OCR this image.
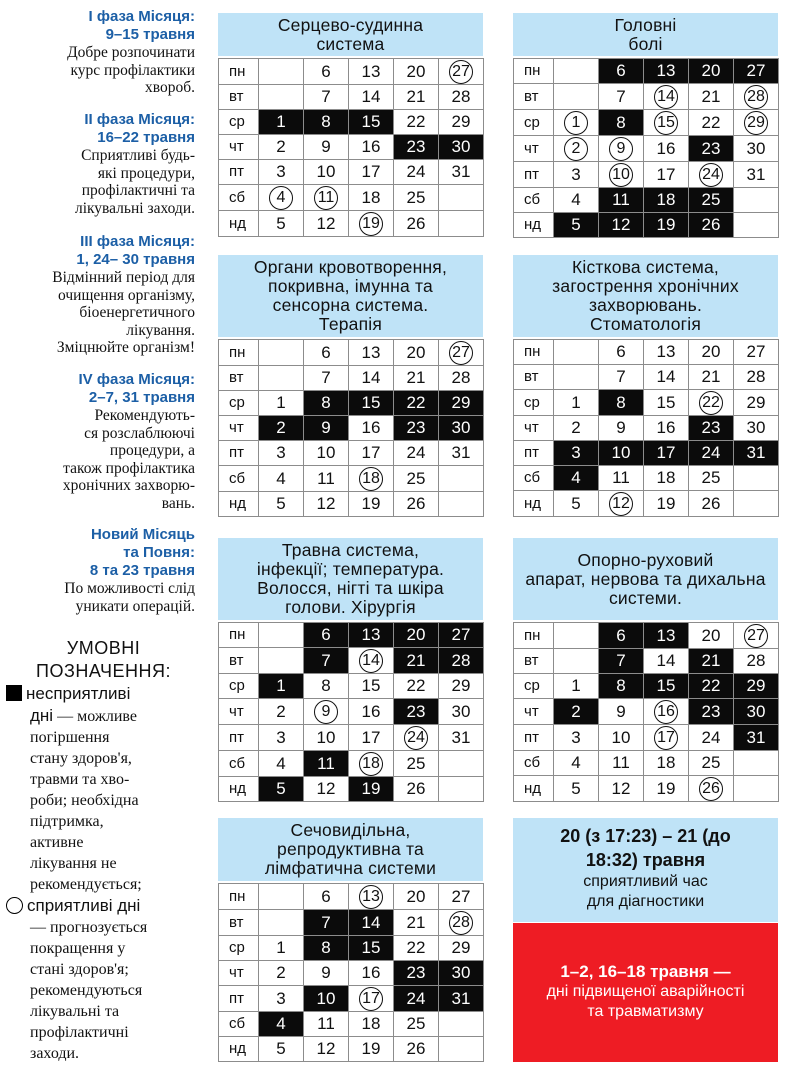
І фаза Місяця:
9–15 травня
Добре розпочинати
курс профілактики
хвороб.
ІІ фаза Місяця:
16–22 травня
Сприятливі будь-
які процедури,
профілактичні та
лікувальні заходи.
ІІІ фаза Місяця:
1, 24– 30 травня
Відмінний період для
очищення організму,
біоенергетичного
лікування.
Зміцнюйте організм!
IV фаза Місяця:
2–7, 31 травня
Рекомендують-
ся розслаблюючі
процедури, а
також профілактика
хронічних захворю-
вань.
Новий Місяць
та Повня:
8 та 23 травня
По можливості слід
уникати операцій.
УМОВНІ
ПОЗНАЧЕННЯ:
несприятливі
дні — можливе
погіршення
стану здоров'я,
травми та хво-
роби; необхідна
підтримка,
активне
лікування не
рекомендується;
сприятливі дні
— прогнозується
покращення у
стані здоров'я;
рекомендуються
лікувальні та
профілактичні
заходи.
Серцево-судинна
система
пн		6	13	20	27
вт		7	14	21	28
ср	1	8	15	22	29
чт	2	9	16	23	30
пт	3	10	17	24	31
сб	4	11	18	25	
нд	5	12	19	26	
Головні
болі
пн		6	13	20	27
вт		7	14	21	28
ср	1	8	15	22	29
чт	2	9	16	23	30
пт	3	10	17	24	31
сб	4	11	18	25	
нд	5	12	19	26	
Органи кровотворення,
покривна, імунна та
сенсорна система.
Терапія
пн		6	13	20	27
вт		7	14	21	28
ср	1	8	15	22	29
чт	2	9	16	23	30
пт	3	10	17	24	31
сб	4	11	18	25	
нд	5	12	19	26	
Кісткова система,
загострення хронічних
захворювань.
Стоматологія
пн		6	13	20	27
вт		7	14	21	28
ср	1	8	15	22	29
чт	2	9	16	23	30
пт	3	10	17	24	31
сб	4	11	18	25	
нд	5	12	19	26	
Травна система,
інфекції; температура.
Волосся, нігті та шкіра
голови. Хірургія
пн		6	13	20	27
вт		7	14	21	28
ср	1	8	15	22	29
чт	2	9	16	23	30
пт	3	10	17	24	31
сб	4	11	18	25	
нд	5	12	19	26	
Опорно-руховий
апарат, нервова та дихальна
системи.
пн		6	13	20	27
вт		7	14	21	28
ср	1	8	15	22	29
чт	2	9	16	23	30
пт	3	10	17	24	31
сб	4	11	18	25	
нд	5	12	19	26	
Сечовидільна,
репродуктивна та
лімфатична системи
пн		6	13	20	27
вт		7	14	21	28
ср	1	8	15	22	29
чт	2	9	16	23	30
пт	3	10	17	24	31
сб	4	11	18	25	
нд	5	12	19	26	
20 (з 17:23) – 21 (до
18:32) травня
сприятливий час
для діагностики
1–2, 16–18 травня —
дні підвищеної аварійності
та травматизму
